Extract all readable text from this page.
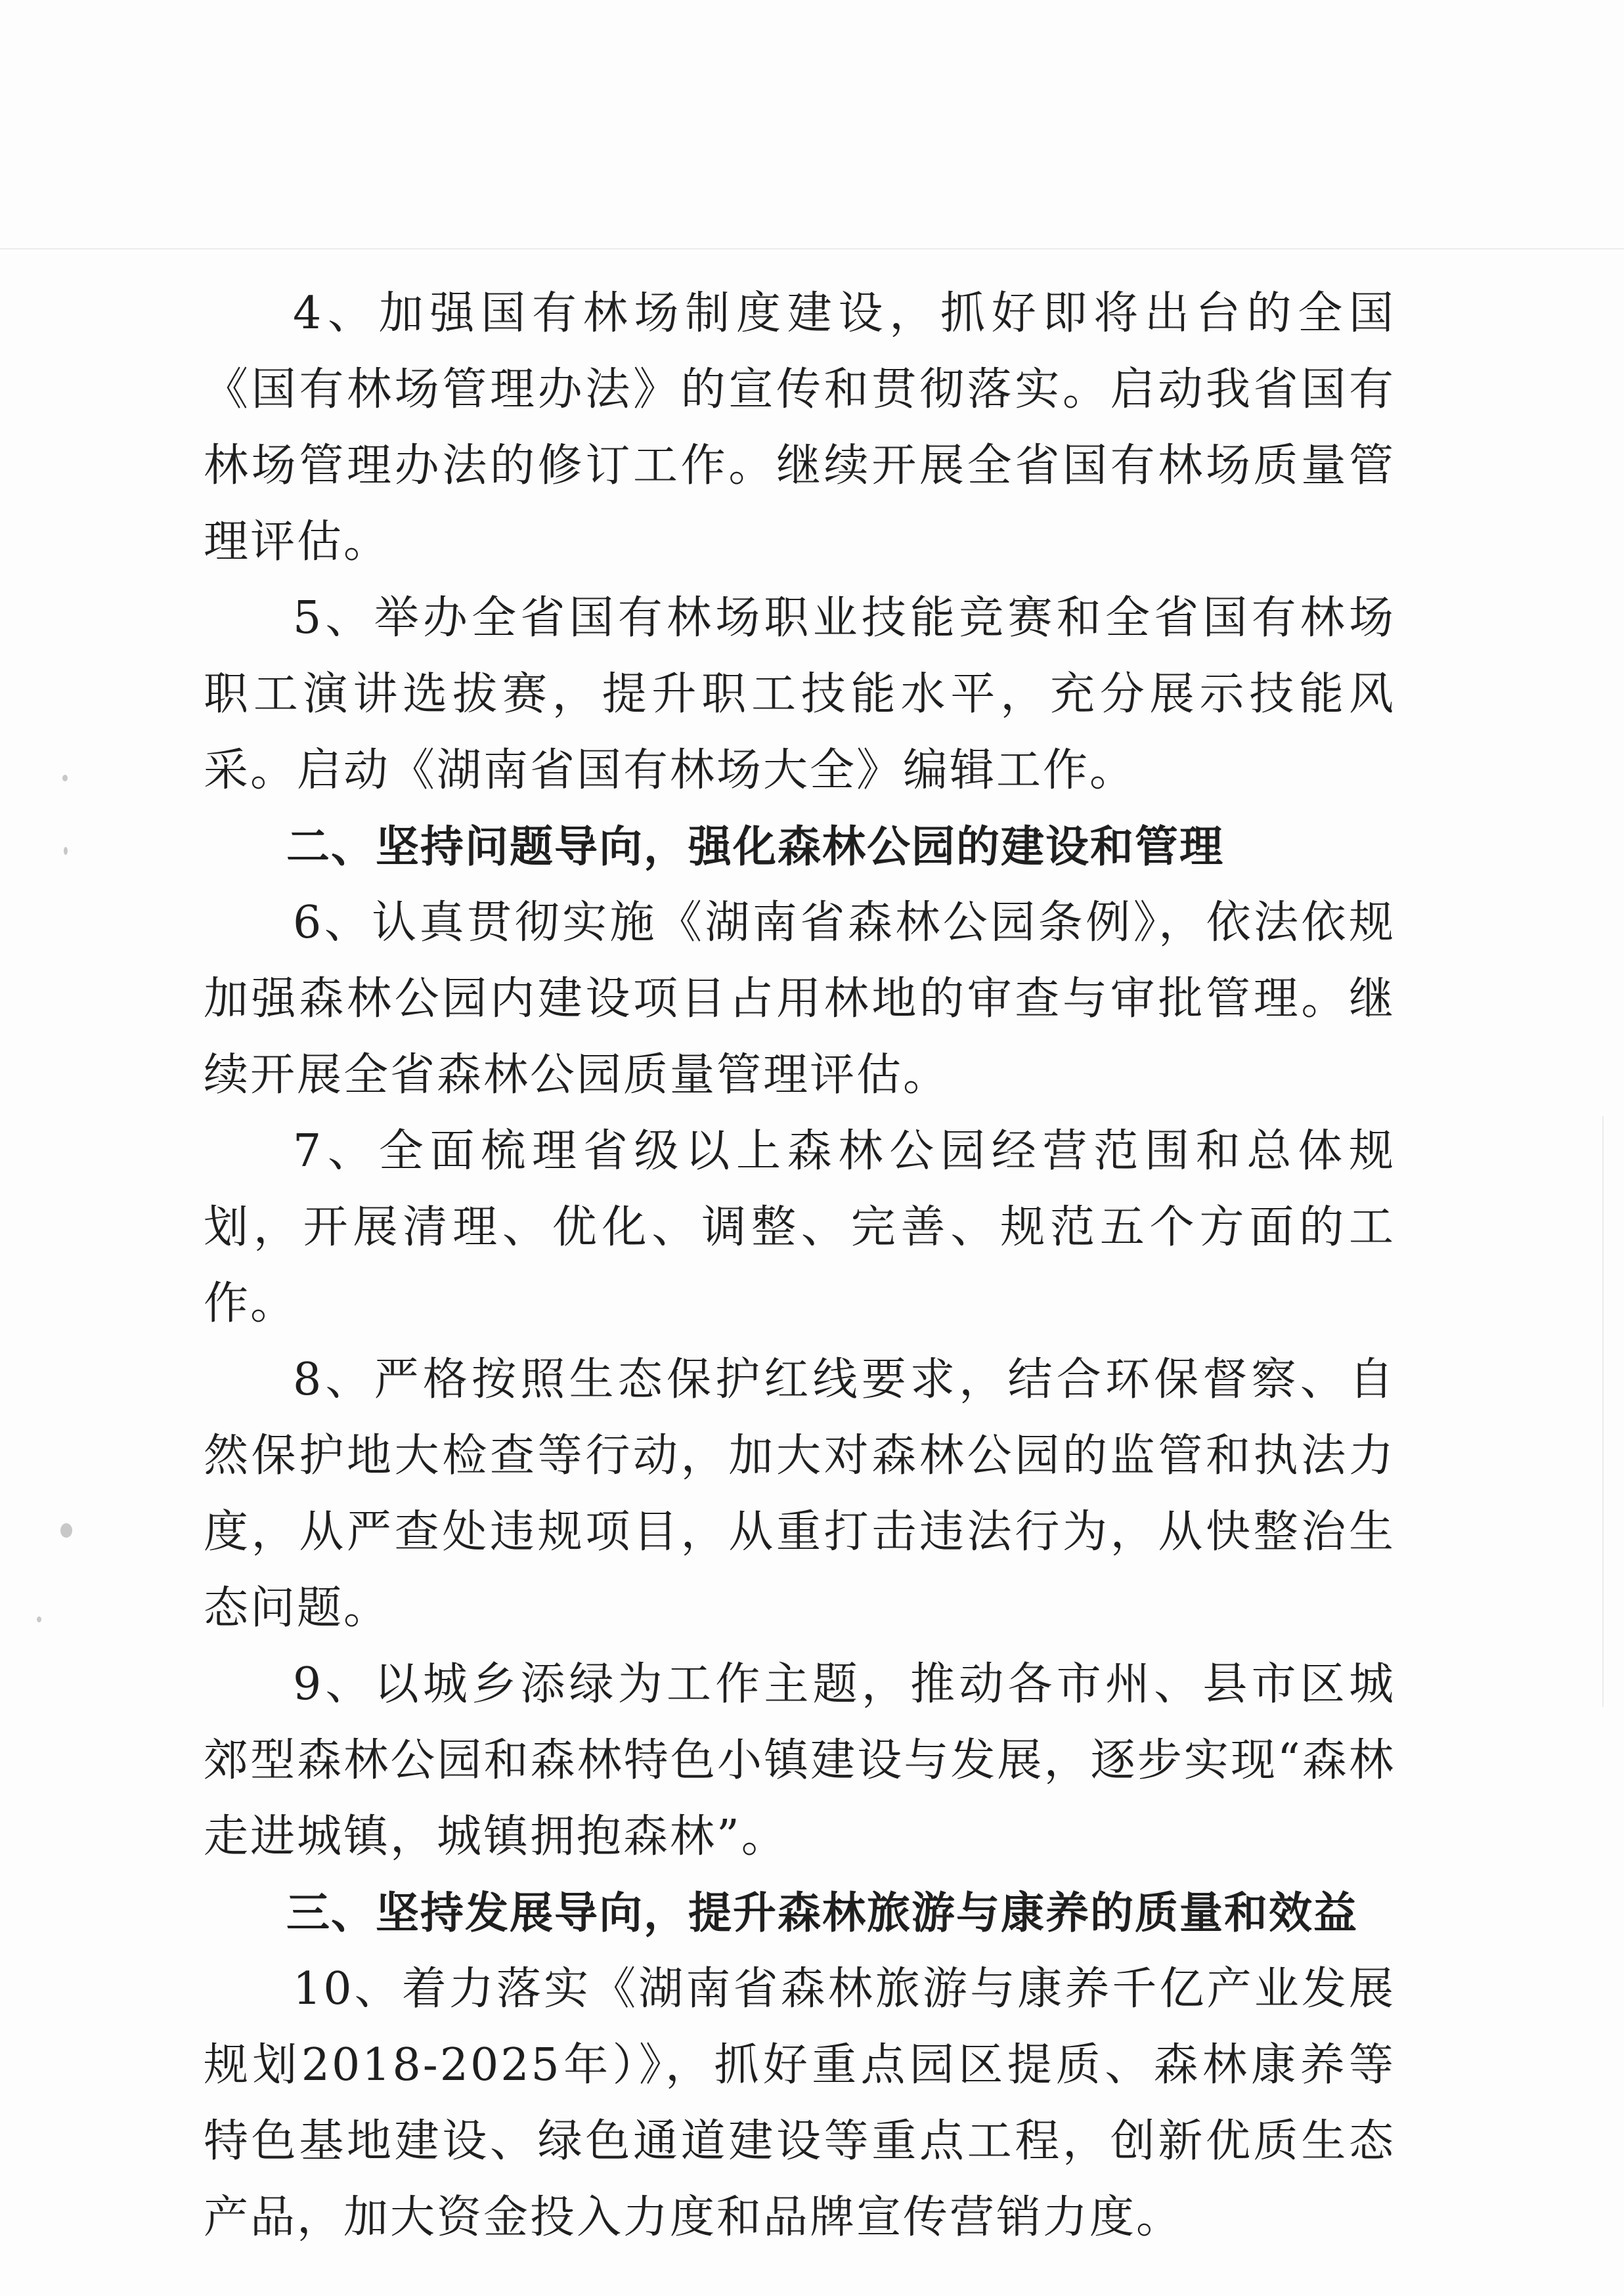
4、加强国有林场制度建设，抓好即将出台的全国《国有林场管理办法》的宣传和贯彻落实。启动我省国有林场管理办法的修订工作。继续开展全省国有林场质量管理评估。

5、举办全省国有林场职业技能竞赛和全省国有林场职工演讲选拔赛，提升职工技能水平，充分展示技能风采。启动《湖南省国有林场大全》编辑工作。

二、坚持问题导向，强化森林公园的建设和管理

6、认真贯彻实施《湖南省森林公园条例》，依法依规加强森林公园内建设项目占用林地的审查与审批管理。继续开展全省森林公园质量管理评估。

7、全面梳理省级以上森林公园经营范围和总体规划，开展清理、优化、调整、完善、规范五个方面的工作。

8、严格按照生态保护红线要求，结合环保督察、自然保护地大检查等行动，加大对森林公园的监管和执法力度，从严查处违规项目，从重打击违法行为，从快整治生态问题。

9、以城乡添绿为工作主题，推动各市州、县市区城郊型森林公园和森林特色小镇建设与发展，逐步实现“森林走进城镇，城镇拥抱森林”。

三、坚持发展导向，提升森林旅游与康养的质量和效益

10、着力落实《湖南省森林旅游与康养千亿产业发展规划2018-2025年）》，抓好重点园区提质、森林康养等特色基地建设、绿色通道建设等重点工程，创新优质生态产品，加大资金投入力度和品牌宣传营销力度。
